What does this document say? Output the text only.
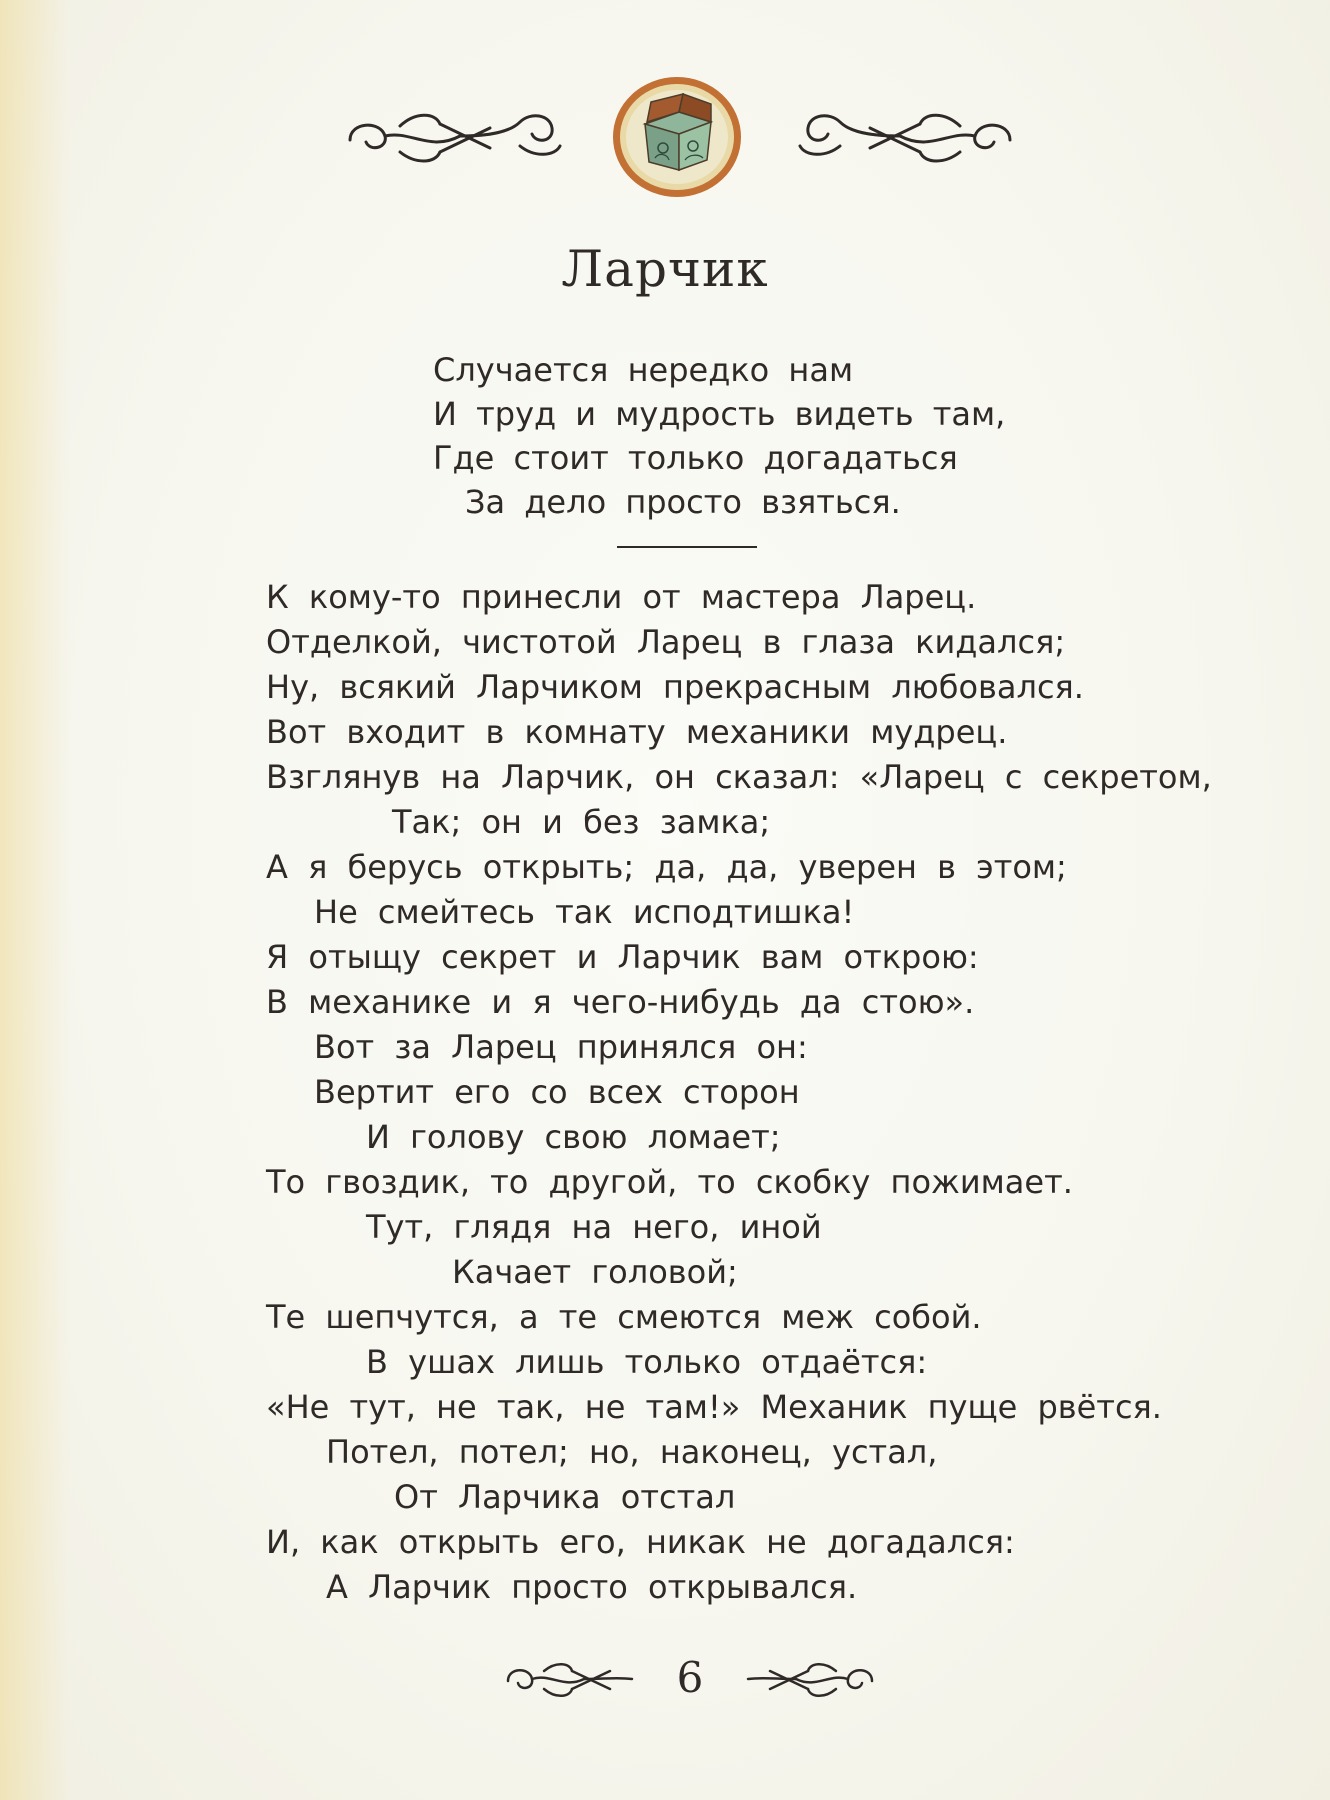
Ларчик
Случается нередко нам
И труд и мудрость видеть там,
Где стоит только догадаться
За дело просто взяться.
К кому-то принесли от мастера Ларец.
Отделкой, чистотой Ларец в глаза кидался;
Ну, всякий Ларчиком прекрасным любовался.
Вот входит в комнату механики мудрец.
Взглянув на Ларчик, он сказал: «Ларец с секретом,
Так; он и без замка;
А я берусь открыть; да, да, уверен в этом;
Не смейтесь так исподтишка!
Я отыщу секрет и Ларчик вам открою:
В механике и я чего-нибудь да стою».
Вот за Ларец принялся он:
Вертит его со всех сторон
И голову свою ломает;
То гвоздик, то другой, то скобку пожимает.
Тут, глядя на него, иной
Качает головой;
Те шепчутся, а те смеются меж собой.
В ушах лишь только отдаётся:
«Не тут, не так, не там!» Механик пуще рвётся.
Потел, потел; но, наконец, устал,
От Ларчика отстал
И, как открыть его, никак не догадался:
А Ларчик просто открывался.
6
